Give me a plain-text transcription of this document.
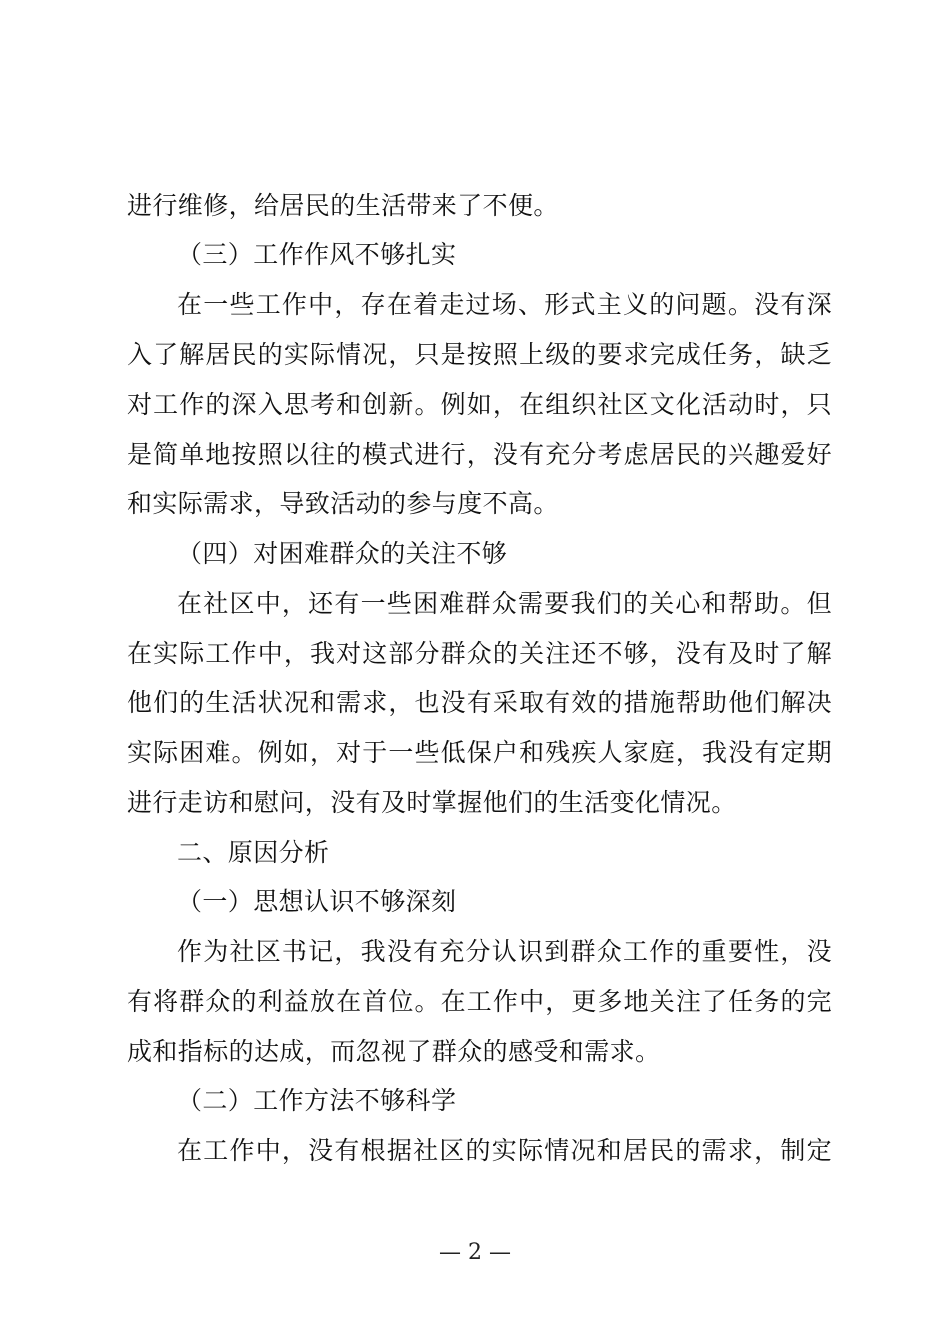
进行维修，给居民的生活带来了不便。
（三）工作作风不够扎实
在一些工作中，存在着走过场、形式主义的问题。没有深
入了解居民的实际情况，只是按照上级的要求完成任务，缺乏
对工作的深入思考和创新。例如，在组织社区文化活动时，只
是简单地按照以往的模式进行，没有充分考虑居民的兴趣爱好
和实际需求，导致活动的参与度不高。
（四）对困难群众的关注不够
在社区中，还有一些困难群众需要我们的关心和帮助。但
在实际工作中，我对这部分群众的关注还不够，没有及时了解
他们的生活状况和需求，也没有采取有效的措施帮助他们解决
实际困难。例如，对于一些低保户和残疾人家庭，我没有定期
进行走访和慰问，没有及时掌握他们的生活变化情况。
二、原因分析
（一）思想认识不够深刻
作为社区书记，我没有充分认识到群众工作的重要性，没
有将群众的利益放在首位。在工作中，更多地关注了任务的完
成和指标的达成，而忽视了群众的感受和需求。
（二）工作方法不够科学
在工作中，没有根据社区的实际情况和居民的需求，制定
— 2 —
